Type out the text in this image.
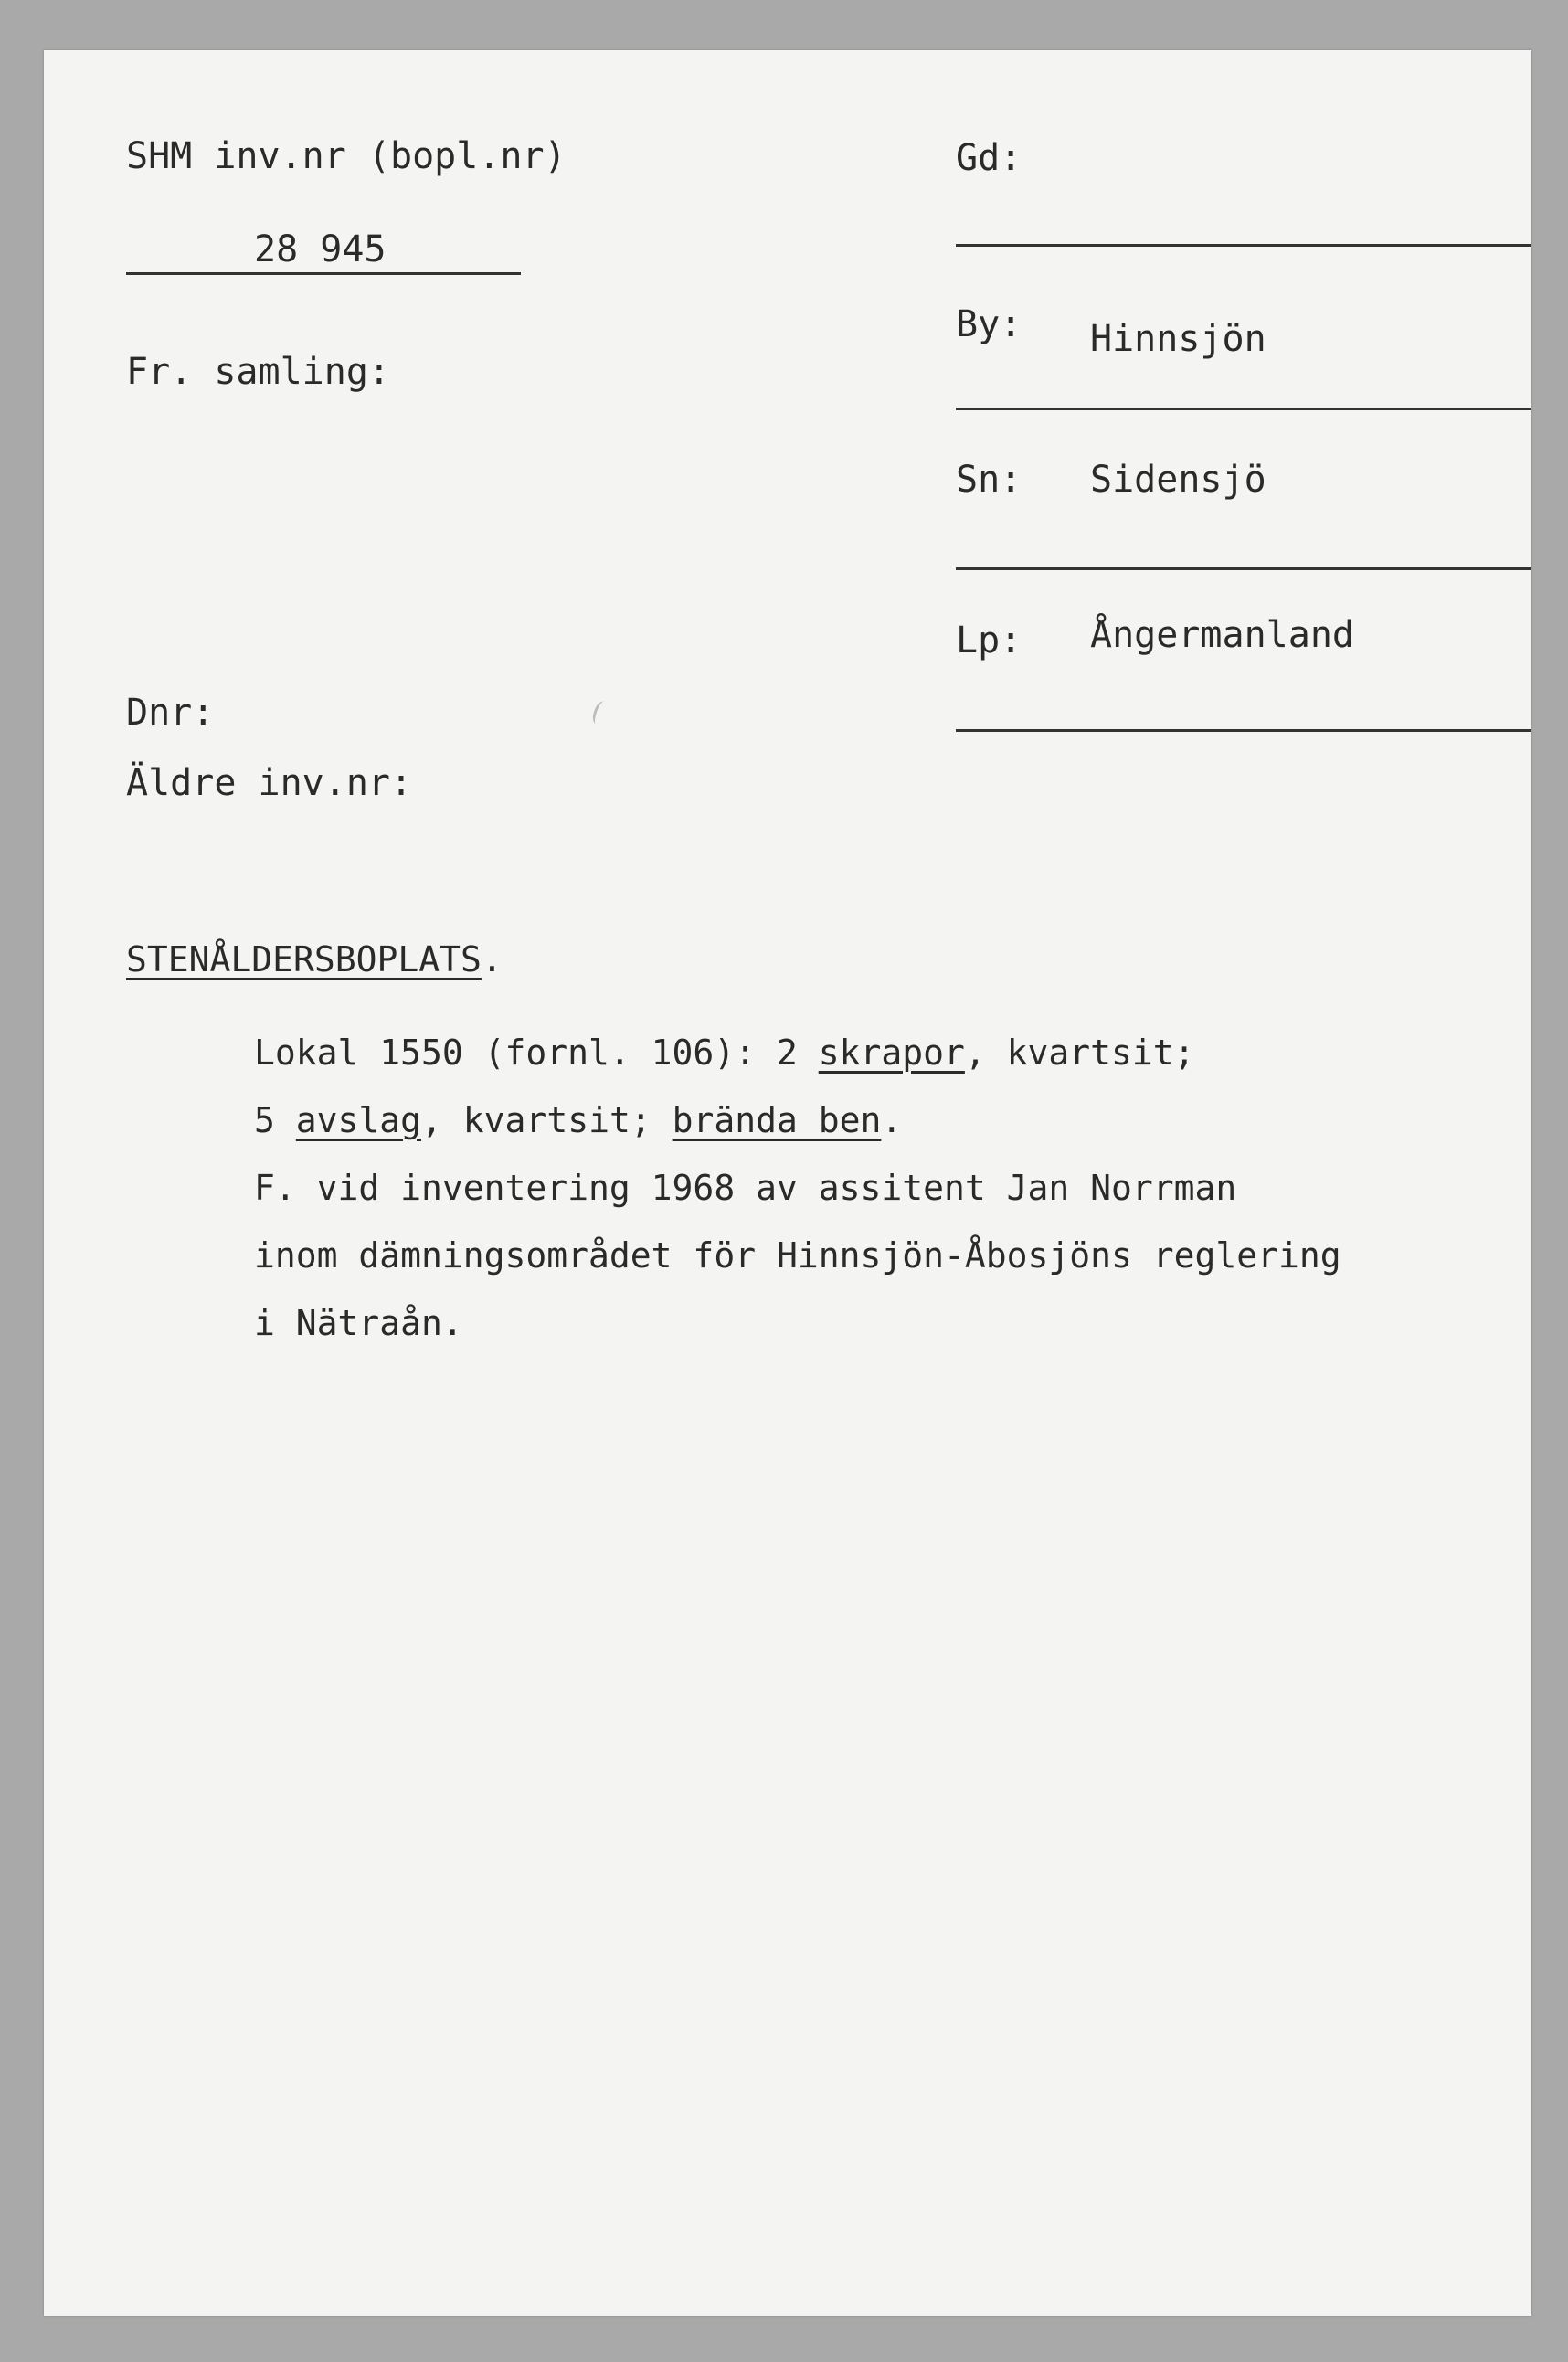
SHM inv.nr (bopl.nr)
28 945
Fr. samling:
Dnr:
Äldre inv.nr:
Gd:
By: Hinnsjön
Sn: Sidensjö
Lp: Ångermanland
STENÅLDERSBOPLATS.
Lokal 1550 (fornl. 106): 2 skrapor, kvartsit;
5 avslag, kvartsit; brända ben.
F. vid inventering 1968 av assitent Jan Norrman
inom dämningsområdet för Hinnsjön-Åbosjöns reglering
i Nätraån.
